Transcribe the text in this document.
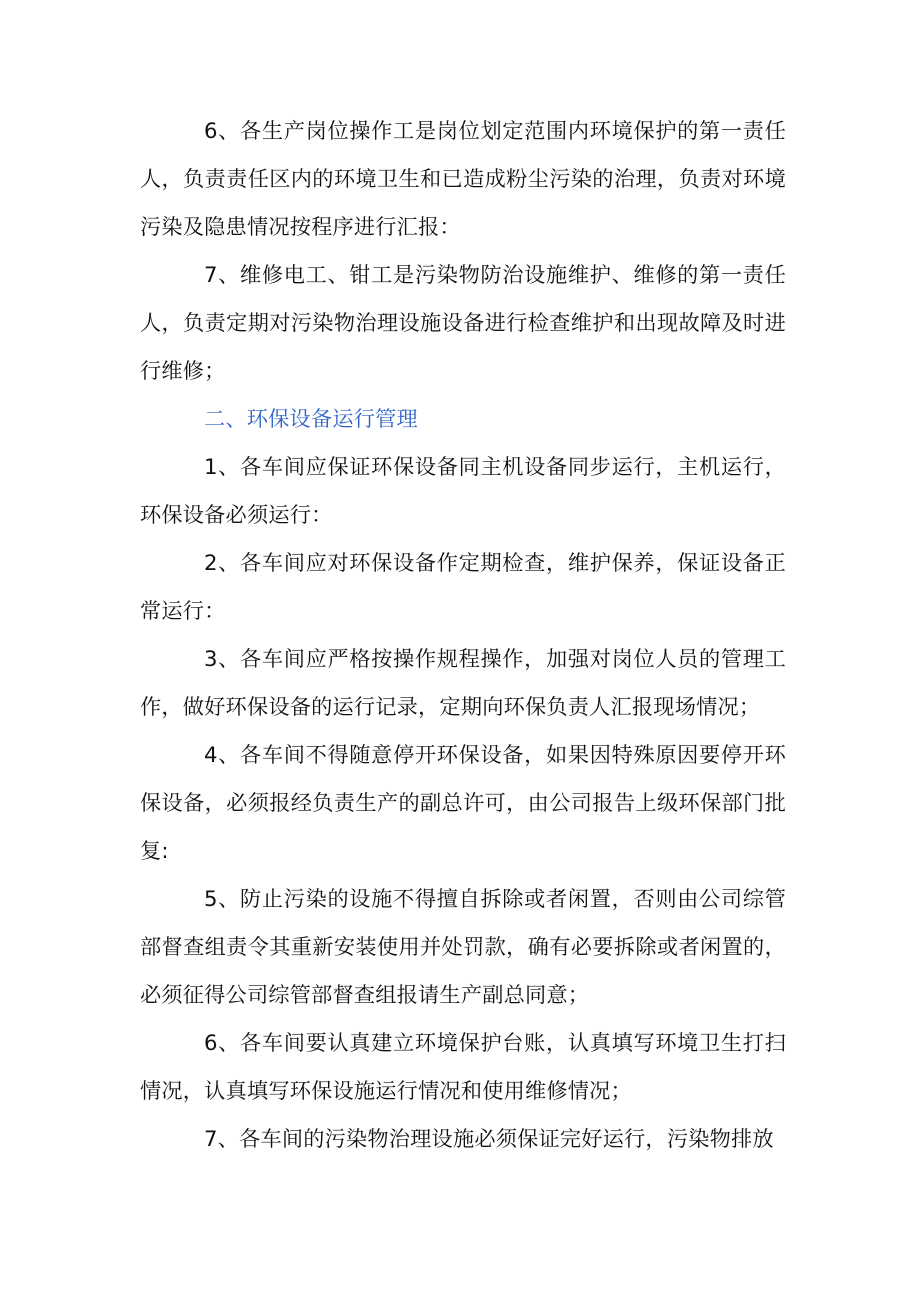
6、各生产岗位操作工是岗位划定范围内环境保护的第一责任人，负责责任区内的环境卫生和已造成粉尘污染的治理，负责对环境污染及隐患情况按程序进行汇报：

7、维修电工、钳工是污染物防治设施维护、维修的第一责任人，负责定期对污染物治理设施设备进行检查维护和出现故障及时进行维修；

二、环保设备运行管理

1、各车间应保证环保设备同主机设备同步运行，主机运行，环保设备必须运行：

2、各车间应对环保设备作定期检查，维护保养，保证设备正常运行：

3、各车间应严格按操作规程操作，加强对岗位人员的管理工作，做好环保设备的运行记录，定期向环保负责人汇报现场情况；

4、各车间不得随意停开环保设备，如果因特殊原因要停开环保设备，必须报经负责生产的副总许可，由公司报告上级环保部门批复:

5、防止污染的设施不得擅自拆除或者闲置，否则由公司综管部督查组责令其重新安装使用并处罚款，确有必要拆除或者闲置的，必须征得公司综管部督查组报请生产副总同意；

6、各车间要认真建立环境保护台账，认真填写环境卫生打扫情况，认真填写环保设施运行情况和使用维修情况；

7、各车间的污染物治理设施必须保证完好运行，污染物排放
